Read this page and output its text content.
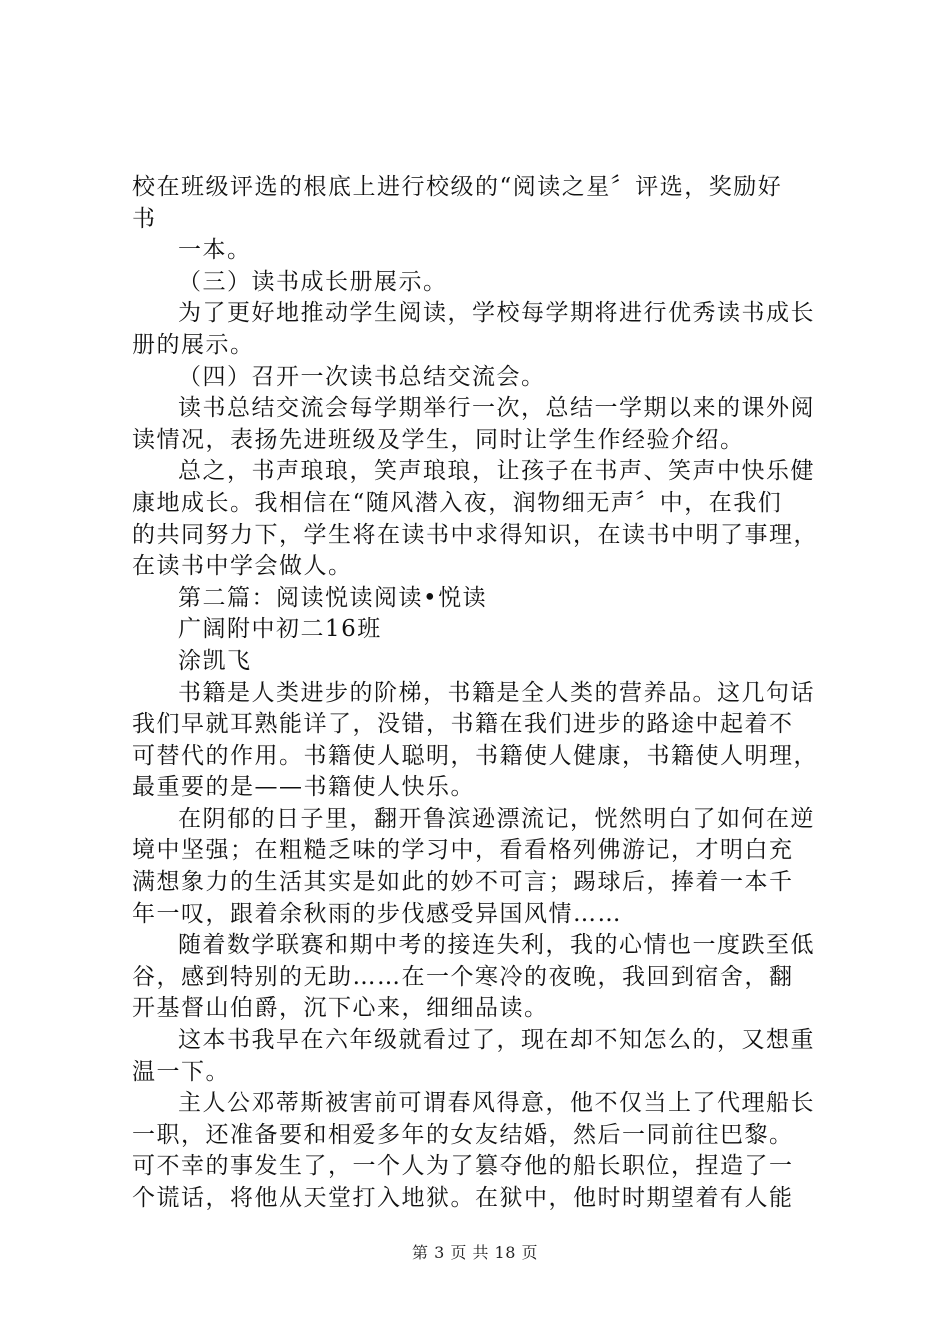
校在班级评选的根底上进行校级的“阅读之星〞评选，奖励好
书
一本。
（三）读书成长册展示。
为了更好地推动学生阅读，学校每学期将进行优秀读书成长
册的展示。
（四）召开一次读书总结交流会。
读书总结交流会每学期举行一次，总结一学期以来的课外阅
读情况，表扬先进班级及学生，同时让学生作经验介绍。
总之，书声琅琅，笑声琅琅，让孩子在书声、笑声中快乐健
康地成长。我相信在“随风潜入夜，润物细无声〞中，在我们
的共同努力下，学生将在读书中求得知识，在读书中明了事理，
在读书中学会做人。
第二篇：阅读悦读阅读•悦读
广阔附中初二16班
涂凯飞
书籍是人类进步的阶梯，书籍是全人类的营养品。这几句话
我们早就耳熟能详了，没错，书籍在我们进步的路途中起着不
可替代的作用。书籍使人聪明，书籍使人健康，书籍使人明理，
最重要的是——书籍使人快乐。
在阴郁的日子里，翻开鲁滨逊漂流记，恍然明白了如何在逆
境中坚强；在粗糙乏味的学习中，看看格列佛游记，才明白充
满想象力的生活其实是如此的妙不可言；踢球后，捧着一本千
年一叹，跟着余秋雨的步伐感受异国风情……
随着数学联赛和期中考的接连失利，我的心情也一度跌至低
谷，感到特别的无助……在一个寒冷的夜晚，我回到宿舍，翻
开基督山伯爵，沉下心来，细细品读。
这本书我早在六年级就看过了，现在却不知怎么的，又想重
温一下。
主人公邓蒂斯被害前可谓春风得意，他不仅当上了代理船长
一职，还准备要和相爱多年的女友结婚，然后一同前往巴黎。
可不幸的事发生了，一个人为了篡夺他的船长职位，捏造了一
个谎话，将他从天堂打入地狱。在狱中，他时时期望着有人能
第 3 页 共 18 页
